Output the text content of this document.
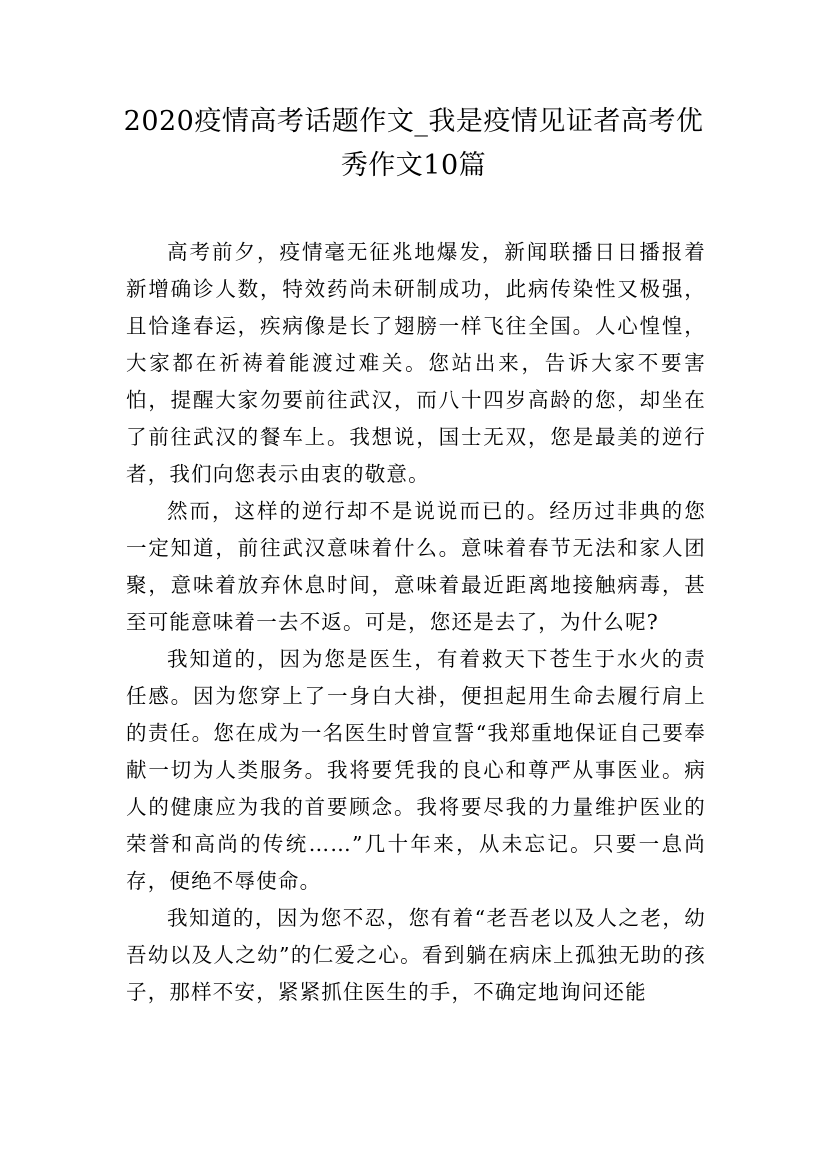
2020疫情高考话题作文_我是疫情见证者高考优秀作文10篇

高考前夕，疫情毫无征兆地爆发，新闻联播日日播报着新增确诊人数，特效药尚未研制成功，此病传染性又极强，且恰逢春运，疾病像是长了翅膀一样飞往全国。人心惶惶，大家都在祈祷着能渡过难关。您站出来，告诉大家不要害怕，提醒大家勿要前往武汉，而八十四岁高龄的您，却坐在了前往武汉的餐车上。我想说，国士无双，您是最美的逆行者，我们向您表示由衷的敬意。

然而，这样的逆行却不是说说而已的。经历过非典的您一定知道，前往武汉意味着什么。意味着春节无法和家人团聚，意味着放弃休息时间，意味着最近距离地接触病毒，甚至可能意味着一去不返。可是，您还是去了，为什么呢?

我知道的，因为您是医生，有着救天下苍生于水火的责任感。因为您穿上了一身白大褂，便担起用生命去履行肩上的责任。您在成为一名医生时曾宣誓“我郑重地保证自己要奉献一切为人类服务。我将要凭我的良心和尊严从事医业。病人的健康应为我的首要顾念。我将要尽我的力量维护医业的荣誉和高尚的传统……”几十年来，从未忘记。只要一息尚存，便绝不辱使命。

我知道的，因为您不忍，您有着“老吾老以及人之老，幼吾幼以及人之幼”的仁爱之心。看到躺在病床上孤独无助的孩子，那样不安，紧紧抓住医生的手，不确定地询问还能
